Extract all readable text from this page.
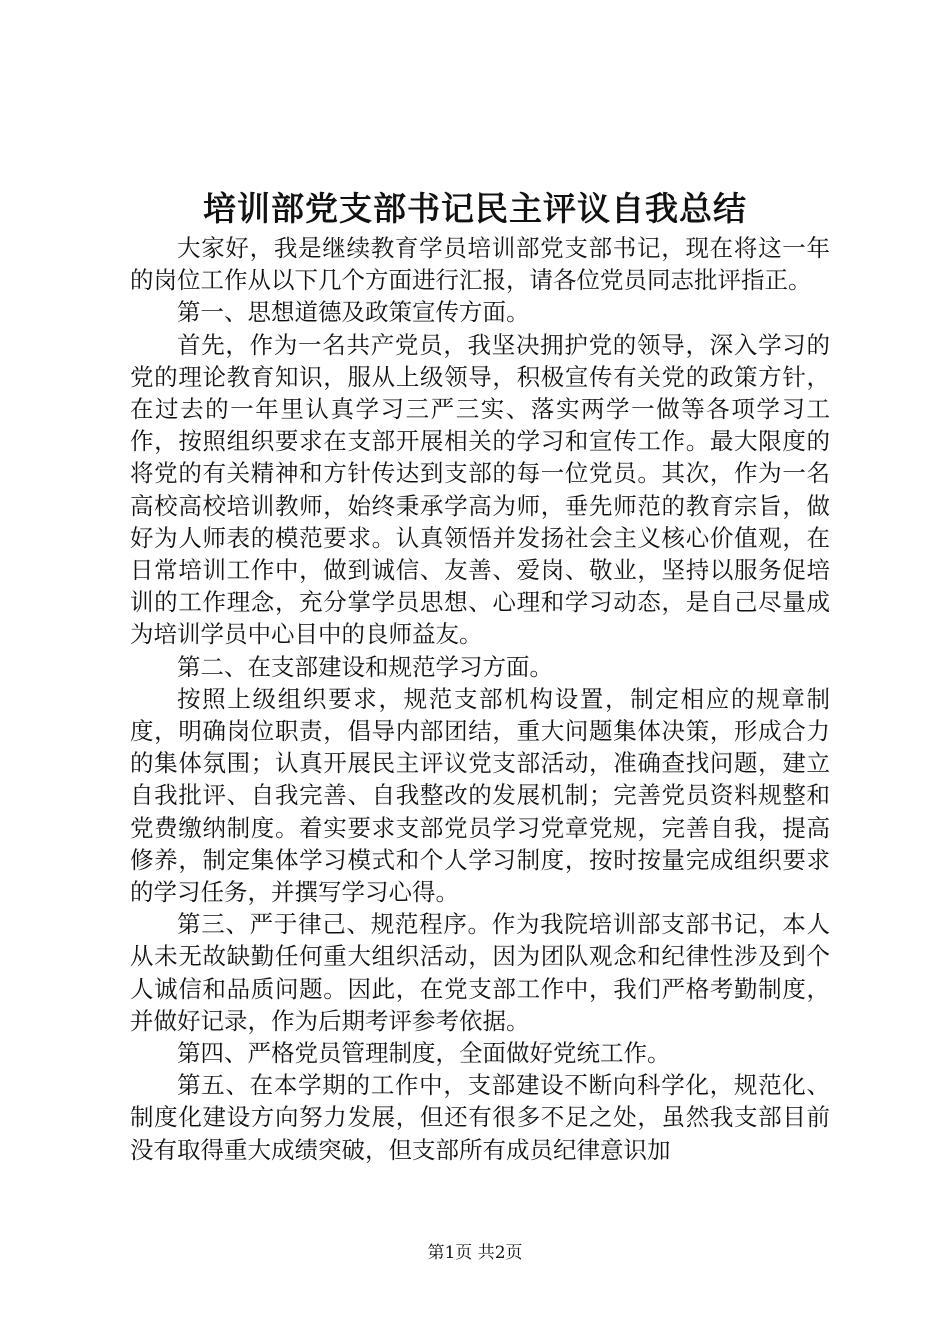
培训部党支部书记民主评议自我总结

大家好，我是继续教育学员培训部党支部书记，现在将这一年的岗位工作从以下几个方面进行汇报，请各位党员同志批评指正。

第一、思想道德及政策宣传方面。

首先，作为一名共产党员，我坚决拥护党的领导，深入学习的党的理论教育知识，服从上级领导，积极宣传有关党的政策方针，在过去的一年里认真学习三严三实、落实两学一做等各项学习工作，按照组织要求在支部开展相关的学习和宣传工作。最大限度的将党的有关精神和方针传达到支部的每一位党员。其次，作为一名高校高校培训教师，始终秉承学高为师，垂先师范的教育宗旨，做好为人师表的模范要求。认真领悟并发扬社会主义核心价值观，在日常培训工作中，做到诚信、友善、爱岗、敬业，坚持以服务促培训的工作理念，充分掌学员思想、心理和学习动态，是自己尽量成为培训学员中心目中的良师益友。

第二、在支部建设和规范学习方面。

按照上级组织要求，规范支部机构设置，制定相应的规章制度，明确岗位职责，倡导内部团结，重大问题集体决策，形成合力的集体氛围；认真开展民主评议党支部活动，准确查找问题，建立自我批评、自我完善、自我整改的发展机制；完善党员资料规整和党费缴纳制度。着实要求支部党员学习党章党规，完善自我，提高修养，制定集体学习模式和个人学习制度，按时按量完成组织要求的学习任务，并撰写学习心得。

第三、严于律己、规范程序。作为我院培训部支部书记，本人从未无故缺勤任何重大组织活动，因为团队观念和纪律性涉及到个人诚信和品质问题。因此，在党支部工作中，我们严格考勤制度，并做好记录，作为后期考评参考依据。

第四、严格党员管理制度，全面做好党统工作。

第五、在本学期的工作中，支部建设不断向科学化，规范化、制度化建设方向努力发展，但还有很多不足之处，虽然我支部目前没有取得重大成绩突破，但支部所有成员纪律意识加

第1页 共2页
